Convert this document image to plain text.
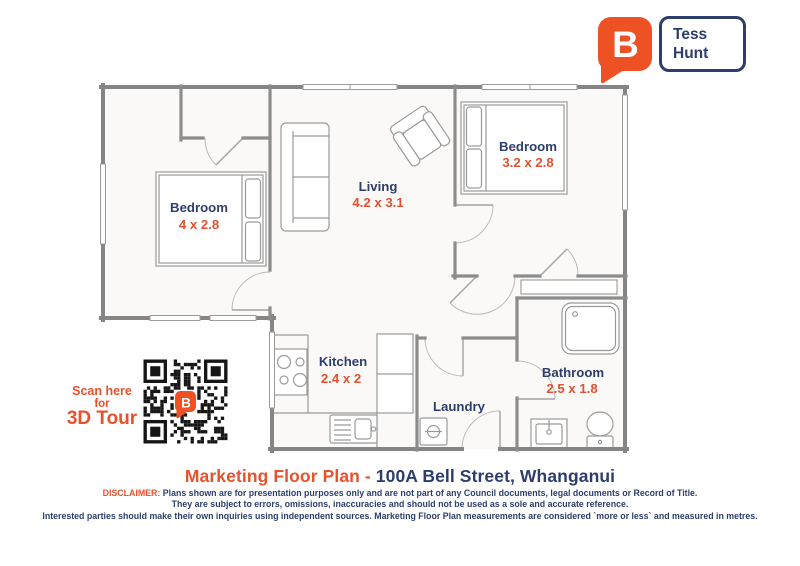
Bedroom
4 x 2.8
Living
4.2 x 3.1
Bedroom
3.2 x 2.8
Kitchen
2.4 x 2
Laundry
Bathroom
2.5 x 1.8
B
B
Scan here
for
3D Tour
Tess
Hunt
Marketing Floor Plan - 100A Bell Street, Whanganui
DISCLAIMER: Plans shown are for presentation purposes only and are not part of any Council documents, legal documents or Record of Title.
They are subject to errors, omissions, inaccuracies and should not be used as a sole and accurate reference.
Interested parties should make their own inquiries using independent sources. Marketing Floor Plan measurements are considered `more or less` and measured in metres.
